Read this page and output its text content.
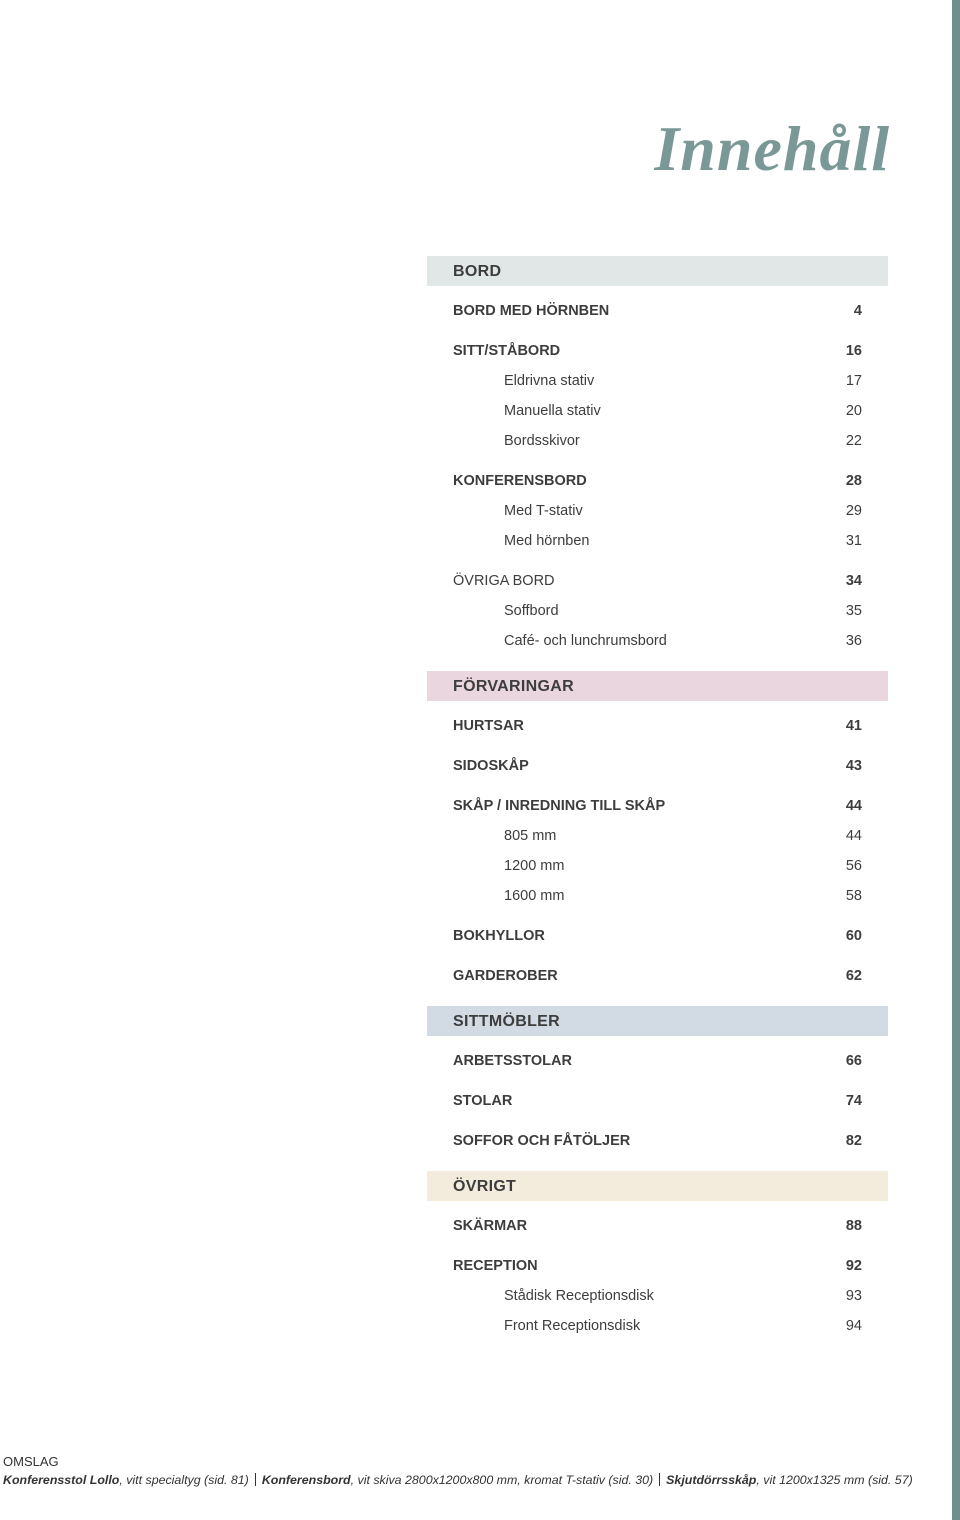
Innehåll
BORD
BORD MED HÖRNBEN	4
SITT/STÅBORD	16
Eldrivna stativ	17
Manuella stativ	20
Bordsskivor	22
KONFERENSBORD	28
Med T-stativ	29
Med hörnben	31
ÖVRIGA BORD	34
Soffbord	35
Café- och lunchrumsbord	36
FÖRVARINGAR
HURTSAR	41
SIDOSKÅP	43
SKÅP / INREDNING TILL SKÅP	44
805 mm	44
1200 mm	56
1600 mm	58
BOKHYLLOR	60
GARDEROBER	62
SITTMÖBLER
ARBETSSTOLAR	66
STOLAR	74
SOFFOR OCH FÅTÖLJER	82
ÖVRIGT
SKÄRMAR	88
RECEPTION	92
Stådisk Receptionsdisk	93
Front Receptionsdisk	94
OMSLAG
Konferensstol Lollo, vitt specialtyg (sid. 81) Konferensbord, vit skiva 2800x1200x800 mm, kromat T-stativ (sid. 30) Skjutdörrsskåp, vit 1200x1325 mm (sid. 57)
